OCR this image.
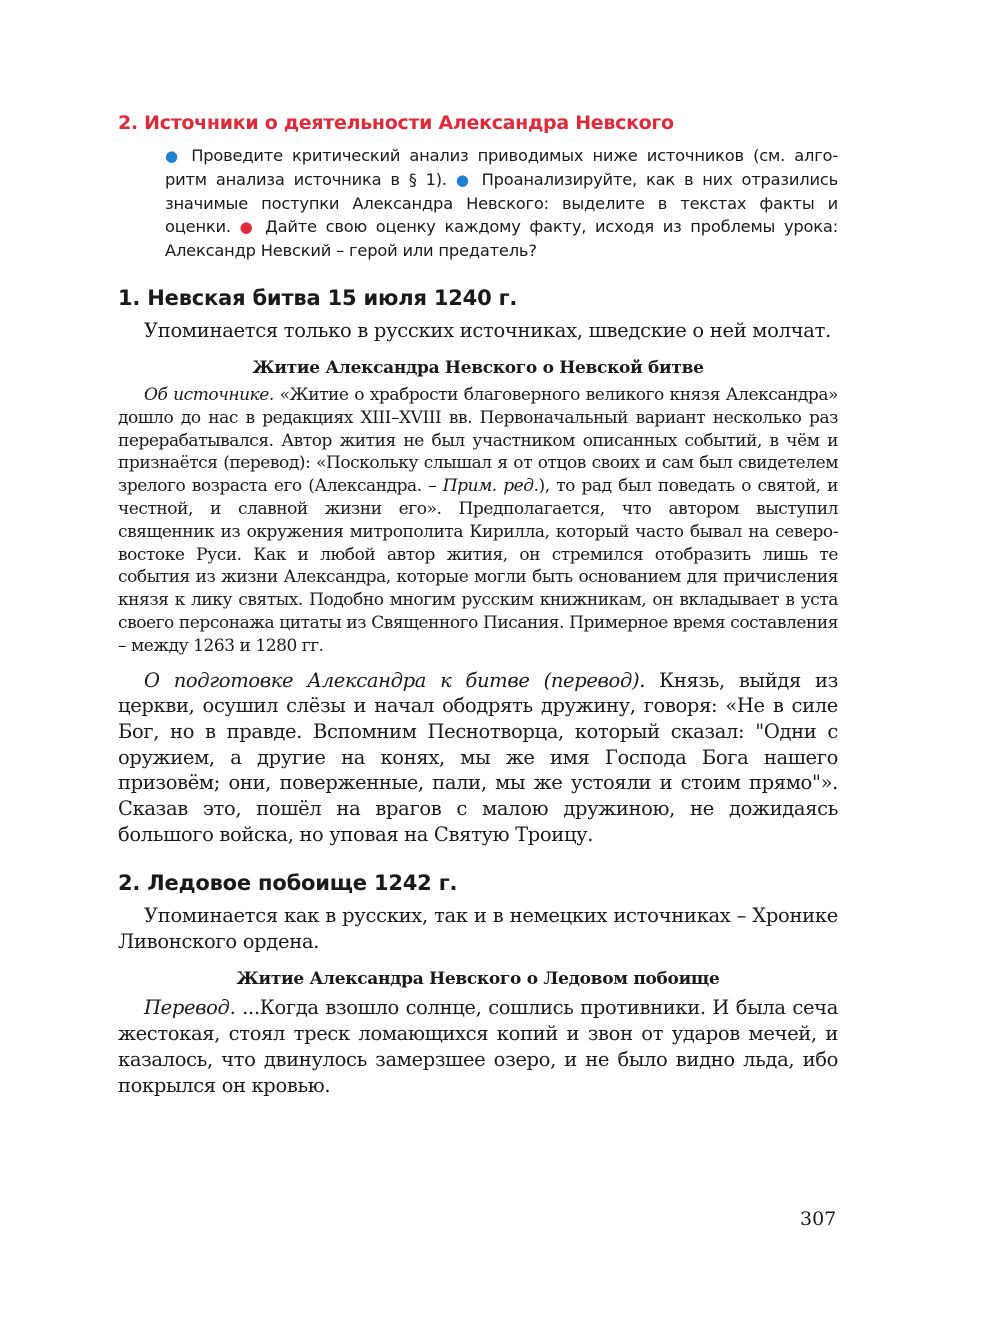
2. Источники о деятельности Александра Невского
● Проведите критический анализ приводимых ниже источников (см. алго-ритм анализа источника в § 1). ● Проанализируйте, как в них отразились значимые поступки Александра Невского: выделите в текстах факты и оценки. ● Дайте свою оценку каждому факту, исходя из проблемы урока: Александр Невский – герой или предатель?
1. Невская битва 15 июля 1240 г.

Упоминается только в русских источниках, шведские о ней молчат.

Житие Александра Невского о Невской битве

Об источнике. «Житие о храбрости благоверного великого князя Александра» дошло до нас в редакциях XIII–XVIII вв. Первоначальный вариант несколько раз перерабатывался. Автор жития не был участником описанных событий, в чём и признаётся (перевод): «Поскольку слышал я от отцов своих и сам был свидетелем зрелого возраста его (Александра. – Прим. ред.), то рад был поведать о святой, и честной, и славной жизни его». Предполагается, что автором выступил священник из окружения митрополита Кирилла, который часто бывал на северо-востоке Руси. Как и любой автор жития, он стремился отобразить лишь те события из жизни Александра, которые могли быть основанием для причисления князя к лику святых. Подобно многим русским книжникам, он вкладывает в уста своего персонажа цитаты из Священного Писания. Примерное время составления – между 1263 и 1280 гг.

О подготовке Александра к битве (перевод). Князь, выйдя из церкви, осушил слёзы и начал ободрять дружину, говоря: «Не в силе Бог, но в правде. Вспомним Песнотворца, который сказал: "Одни с оружием, а другие на конях, мы же имя Господа Бога нашего призовём; они, поверженные, пали, мы же устояли и стоим прямо"». Сказав это, пошёл на врагов с малою дружиною, не дожидаясь большого войска, но уповая на Святую Троицу.

2. Ледовое побоище 1242 г.

Упоминается как в русских, так и в немецких источниках – Хронике Ливонского ордена.

Житие Александра Невского о Ледовом побоище

Перевод. ...Когда взошло солнце, сошлись противники. И была сеча жестокая, стоял треск ломающихся копий и звон от ударов мечей, и казалось, что двинулось замерзшее озеро, и не было видно льда, ибо покрылся он кровью.

307
